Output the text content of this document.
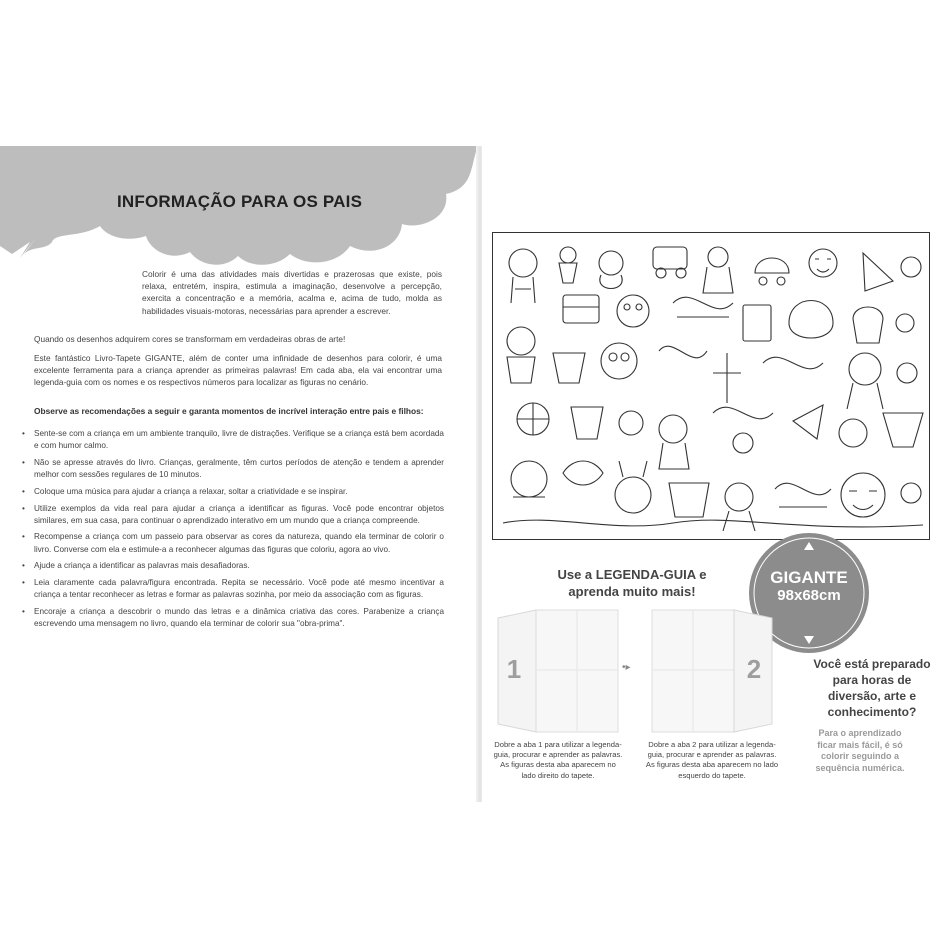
INFORMAÇÃO PARA OS PAIS
Colorir é uma das atividades mais divertidas e prazerosas que existe, pois relaxa, entretém, inspira, estimula a imaginação, desenvolve a percepção, exercita a concentração e a memória, acalma e, acima de tudo, molda as habilidades visuais-motoras, necessárias para aprender a escrever.
Quando os desenhos adquirem cores se transformam em verdadeiras obras de arte!
Este fantástico Livro-Tapete GIGANTE, além de conter uma infinidade de desenhos para colorir, é uma excelente ferramenta para a criança aprender as primeiras palavras! Em cada aba, ela vai encontrar uma legenda-guia com os nomes e os respectivos números para localizar as figuras no cenário.
Observe as recomendações a seguir e garanta momentos de incrível interação entre pais e filhos:
• Sente-se com a criança em um ambiente tranquilo, livre de distrações. Verifique se a criança está bem acordada e com humor calmo.
• Não se apresse através do livro. Crianças, geralmente, têm curtos períodos de atenção e tendem a aprender melhor com sessões regulares de 10 minutos.
• Coloque uma música para ajudar a criança a relaxar, soltar a criatividade e se inspirar.
• Utilize exemplos da vida real para ajudar a criança a identificar as figuras. Você pode encontrar objetos similares, em sua casa, para continuar o aprendizado interativo em um mundo que a criança compreende.
• Recompense a criança com um passeio para observar as cores da natureza, quando ela terminar de colorir o livro. Converse com ela e estimule-a a reconhecer algumas das figuras que coloriu, agora ao vivo.
• Ajude a criança a identificar as palavras mais desafiadoras.
• Leia claramente cada palavra/figura encontrada. Repita se necessário. Você pode até mesmo incentivar a criança a tentar reconhecer as letras e formar as palavras sozinha, por meio da associação com as figuras.
• Encoraje a criança a descobrir o mundo das letras e a dinâmica criativa das cores. Parabenize a criança escrevendo uma mensagem no livro, quando ela terminar de colorir sua "obra-prima".
Use a LEGENDA-GUIA e aprenda muito mais!
GIGANTE
98x68cm
Você está preparado para horas de diversão, arte e conhecimento?
Para o aprendizado ficar mais fácil, é só colorir seguindo a sequência numérica.
1	•▸	2
Dobre a aba 1 para utilizar a legenda-guia, procurar e aprender as palavras. As figuras desta aba aparecem no lado direito do tapete.
Dobre a aba 2 para utilizar a legenda-guia, procurar e aprender as palavras. As figuras desta aba aparecem no lado esquerdo do tapete.
